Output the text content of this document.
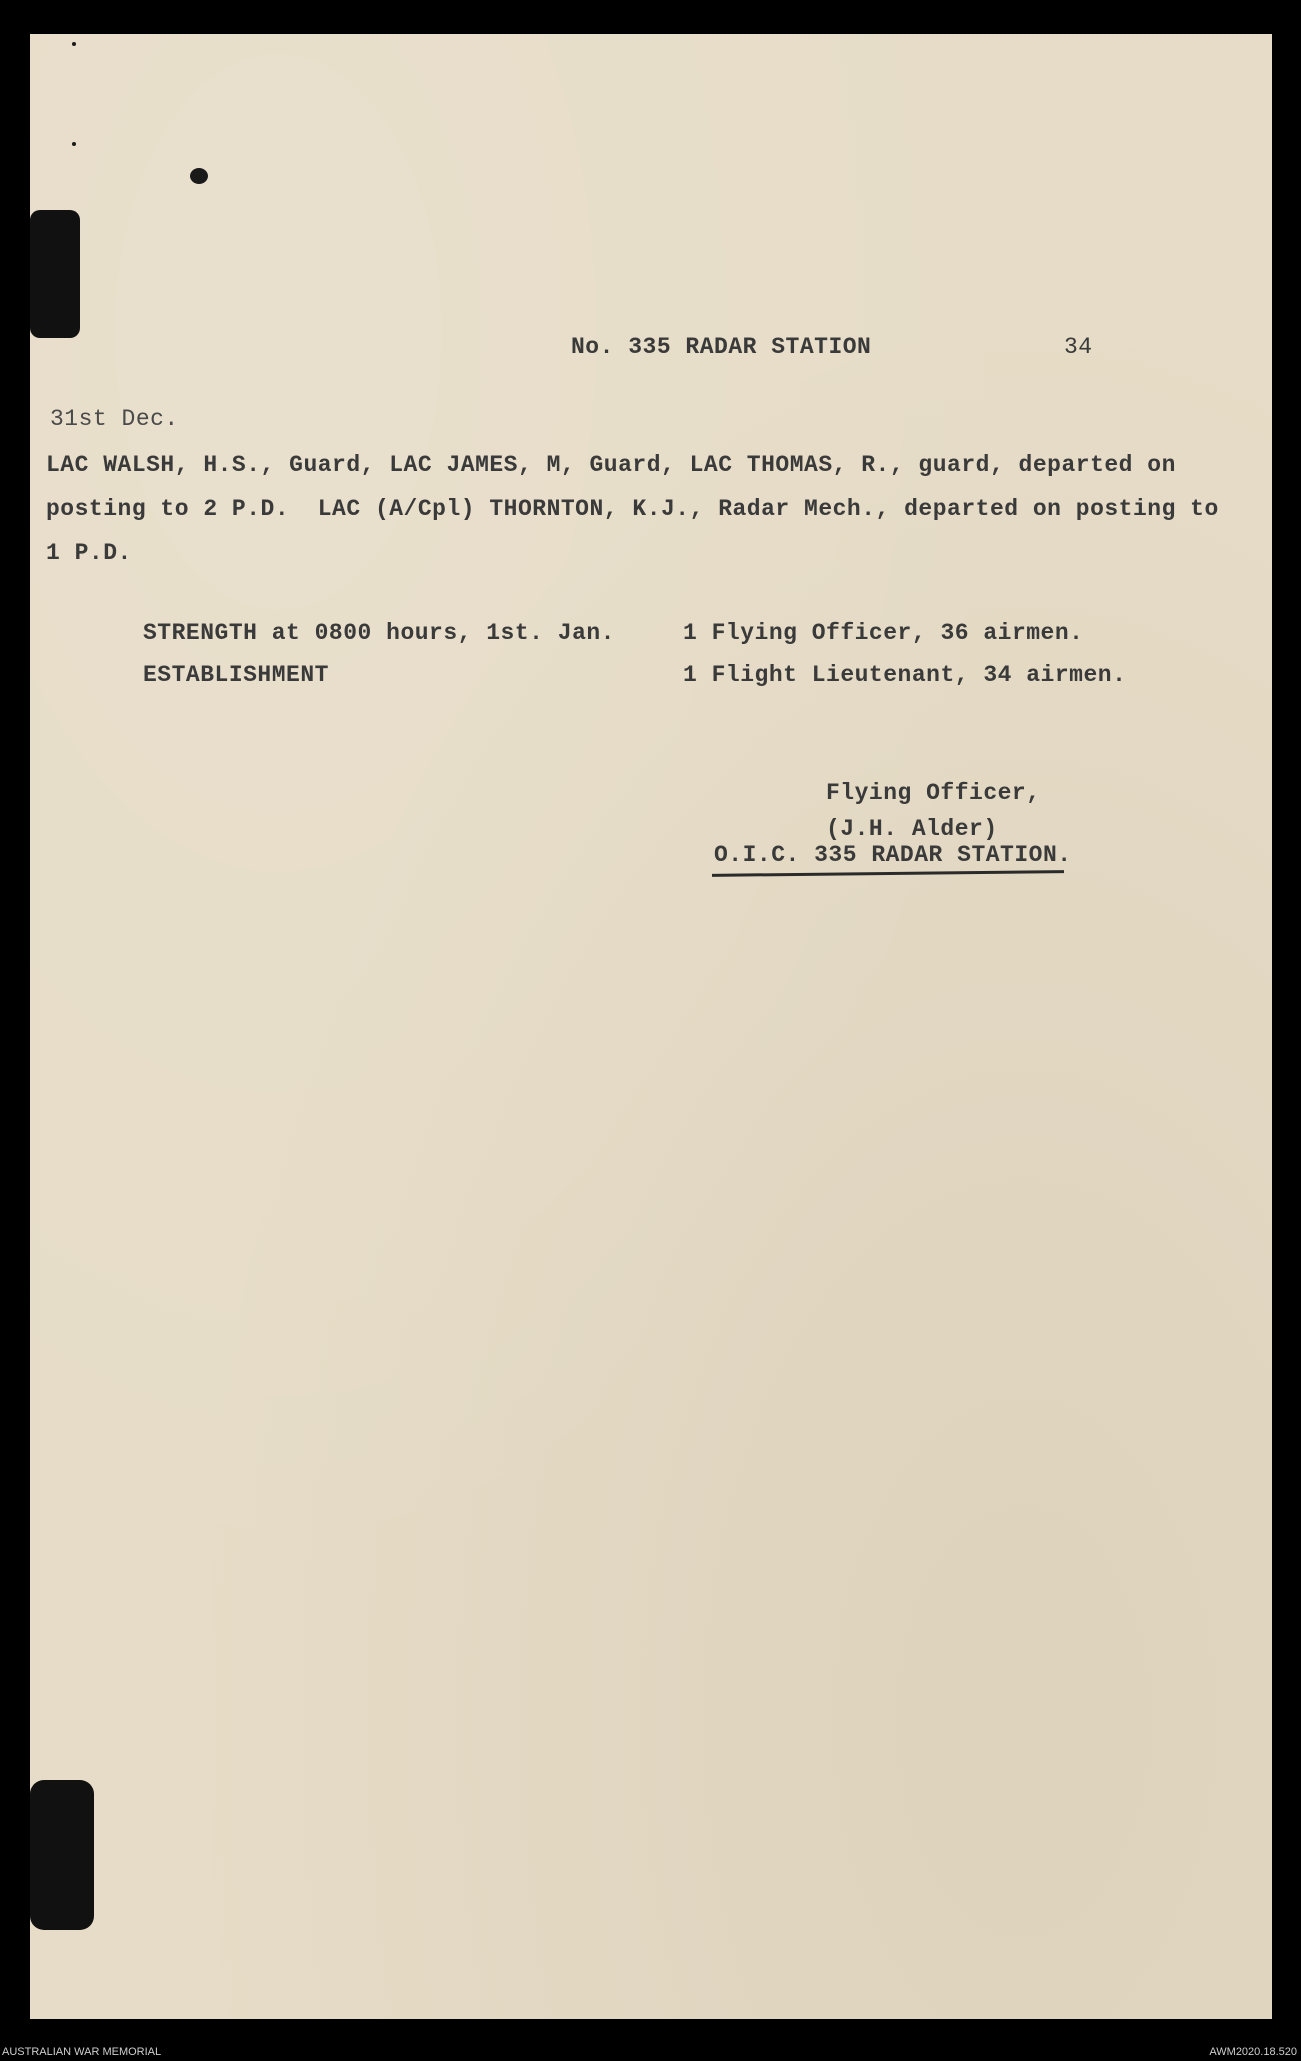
No. 335 RADAR STATION	34
31st Dec.
LAC WALSH, H.S., Guard, LAC JAMES, M, Guard, LAC THOMAS, R., guard, departed on
posting to 2 P.D.  LAC (A/Cpl) THORNTON, K.J., Radar Mech., departed on posting to
1 P.D.
STRENGTH at 0800 hours, 1st. Jan.	1 Flying Officer, 36 airmen.
ESTABLISHMENT	1 Flight Lieutenant, 34 airmen.
Flying Officer,
(J.H. Alder)
O.I.C. 335 RADAR STATION.
AUSTRALIAN WAR MEMORIAL	AWM2020.18.520
